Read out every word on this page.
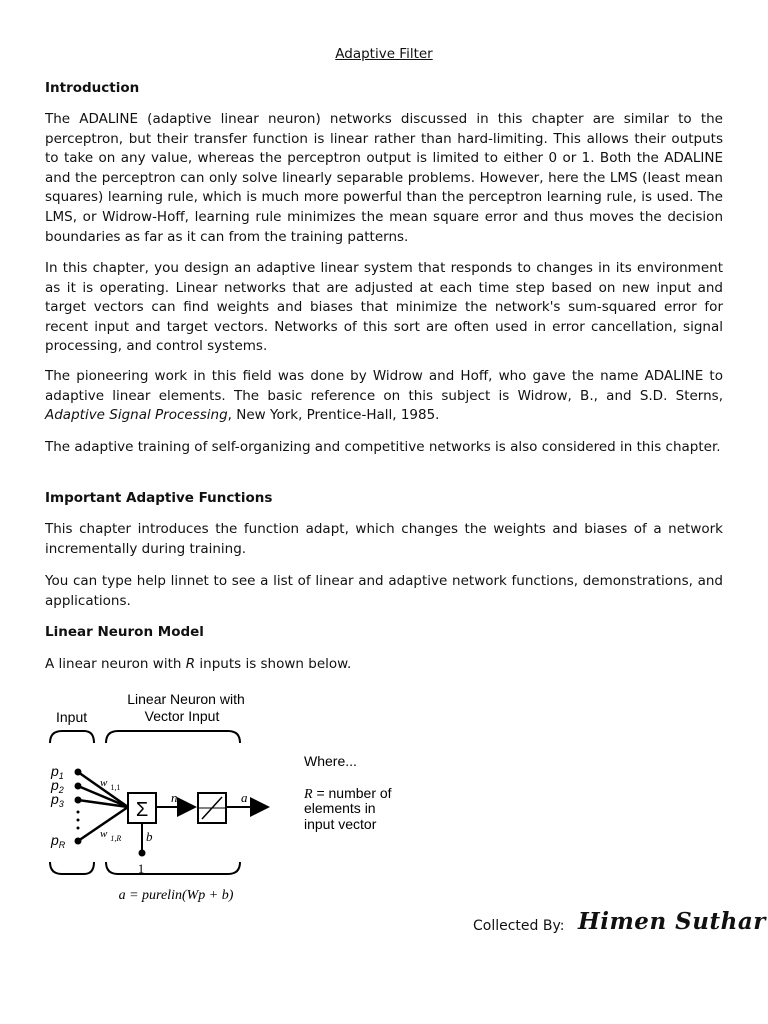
Adaptive Filter
Introduction

The ADALINE (adaptive linear neuron) networks discussed in this chapter are similar to the perceptron, but their transfer function is linear rather than hard-limiting. This allows their outputs to take on any value, whereas the perceptron output is limited to either 0 or 1. Both the ADALINE and the perceptron can only solve linearly separable problems. However, here the LMS (least mean squares) learning rule, which is much more powerful than the perceptron learning rule, is used. The LMS, or Widrow-Hoff, learning rule minimizes the mean square error and thus moves the decision boundaries as far as it can from the training patterns.

In this chapter, you design an adaptive linear system that responds to changes in its environment as it is operating. Linear networks that are adjusted at each time step based on new input and target vectors can find weights and biases that minimize the network's sum-squared error for recent input and target vectors. Networks of this sort are often used in error cancellation, signal processing, and control systems.

The pioneering work in this field was done by Widrow and Hoff, who gave the name ADALINE to adaptive linear elements. The basic reference on this subject is Widrow, B., and S.D. Sterns, Adaptive Signal Processing, New York, Prentice-Hall, 1985.

The adaptive training of self-organizing and competitive networks is also considered in this chapter.

Important Adaptive Functions

This chapter introduces the function adapt, which changes the weights and biases of a network incrementally during training.

You can type help linnet to see a list of linear and adaptive network functions, demonstrations, and applications.

Linear Neuron Model

A linear neuron with R inputs is shown below.

Input
Linear Neuron with
Vector Input
$p_1$
$p_2$
$p_3$
$p_R$
w $_{1,1}$
w $_{1,R}$
Σ
b
n	a
1
a = purelin(Wp + b)
Where...
R = number of
elements in
input vector
Collected By: Himen Suthar
